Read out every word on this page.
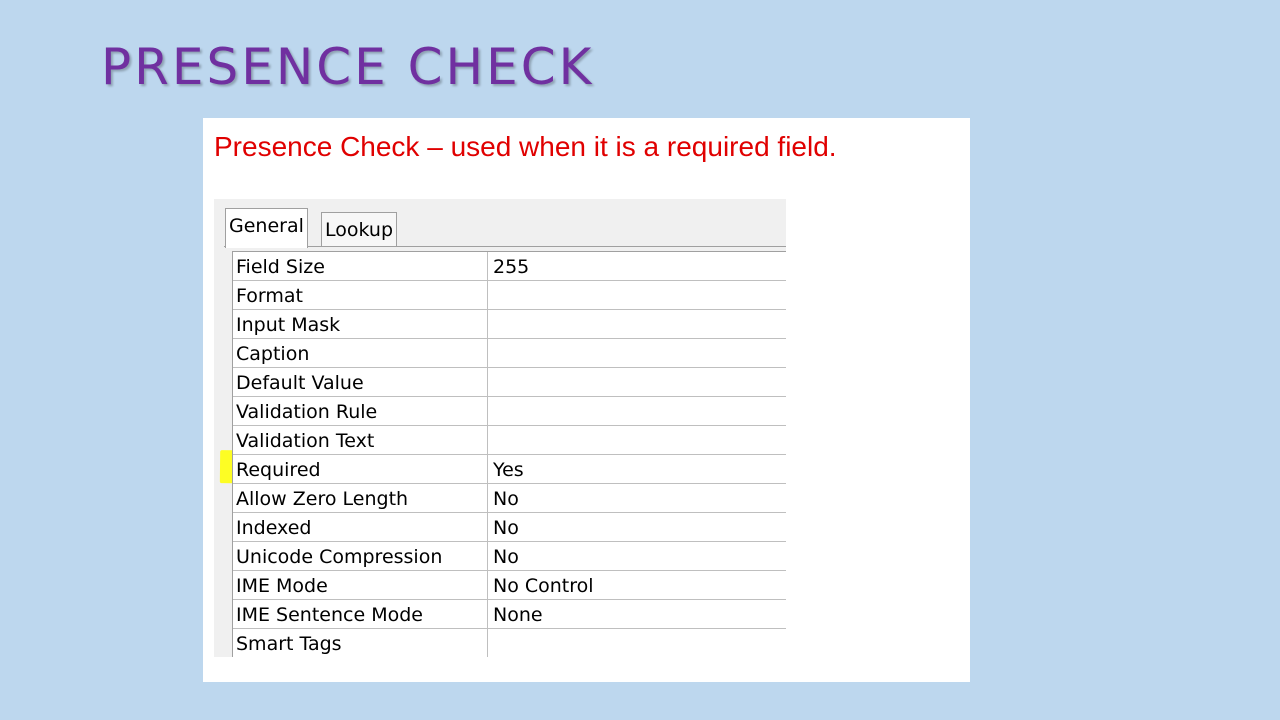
PRESENCE CHECK
Presence Check – used when it is a required field.
General Lookup
Field Size	255
Format
Input Mask
Caption
Default Value
Validation Rule
Validation Text
Required	Yes
Allow Zero Length	No
Indexed	No
Unicode Compression	No
IME Mode	No Control
IME Sentence Mode	None
Smart Tags
